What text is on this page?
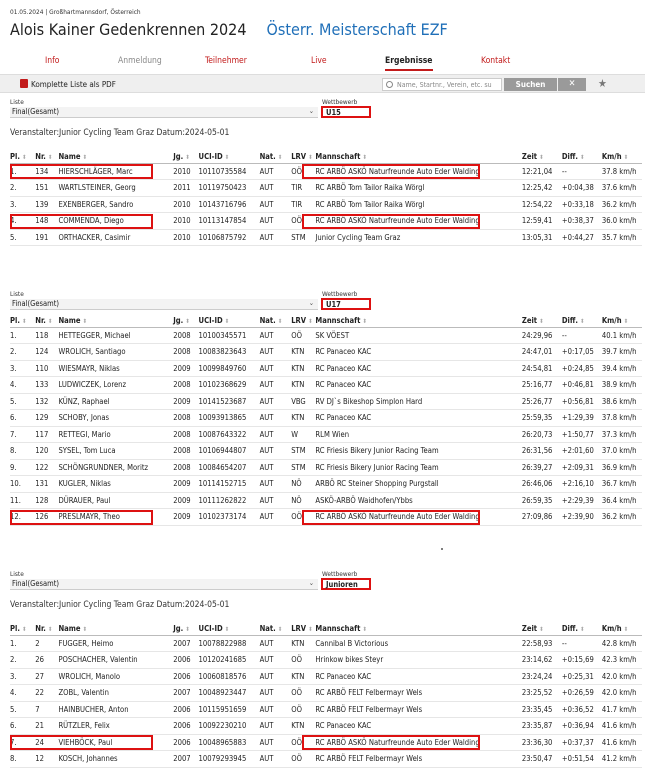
01.05.2024 | Großhartmannsdorf, Österreich
Alois Kainer Gedenkrennen 2024 Österr. Meisterschaft EZF
Info	Anmeldung	Teilnehmer	Live	Ergebnisse	Kontakt
Komplette Liste als PDF	Name, Startnr., Verein, etc. su	Suchen	✕	★
Liste	Wettbewerb
Final(Gesamt)	⌄	U15
Veranstalter:Junior Cycling Team Graz Datum:2024-05-01
Pl. ⬍	Nr. ⬍	Name ⬍	Jg. ⬍	UCI-ID ⬍	Nat. ⬍	LRV ⬍	Mannschaft ⬍	Zeit ⬍	Diff. ⬍	Km/h ⬍
1.	134	HIERSCHLÄGER, Marc	2010	10110735584	AUT	OÖ	RC ARBÖ ASKÖ Naturfreunde Auto Eder Walding	12:21,04	--	37.8 km/h
2.	151	WARTLSTEINER, Georg	2011	10119750423	AUT	TIR	RC ARBÖ Tom Tailor Raika Wörgl	12:25,42	+0:04,38	37.6 km/h
3.	139	EXENBERGER, Sandro	2010	10143716796	AUT	TIR	RC ARBÖ Tom Tailor Raika Wörgl	12:54,22	+0:33,18	36.2 km/h
4.	148	COMMENDA, Diego	2010	10113147854	AUT	OÖ	RC ARBÖ ASKÖ Naturfreunde Auto Eder Walding	12:59,41	+0:38,37	36.0 km/h
5.	191	ORTHACKER, Casimir	2010	10106875792	AUT	STM	Junior Cycling Team Graz	13:05,31	+0:44,27	35.7 km/h
Liste	Wettbewerb
Final(Gesamt)	⌄	U17
Pl. ⬍	Nr. ⬍	Name ⬍	Jg. ⬍	UCI-ID ⬍	Nat. ⬍	LRV ⬍	Mannschaft ⬍	Zeit ⬍	Diff. ⬍	Km/h ⬍
1.	118	HETTEGGER, Michael	2008	10100345571	AUT	OÖ	SK VÖEST	24:29,96	--	40.1 km/h
2.	124	WROLICH, Santiago	2008	10083823643	AUT	KTN	RC Panaceo KAC	24:47,01	+0:17,05	39.7 km/h
3.	110	WIESMAYR, Niklas	2009	10099849760	AUT	KTN	RC Panaceo KAC	24:54,81	+0:24,85	39.4 km/h
4.	133	LUDWICZEK, Lorenz	2008	10102368629	AUT	KTN	RC Panaceo KAC	25:16,77	+0:46,81	38.9 km/h
5.	132	KÜNZ, Raphael	2009	10141523687	AUT	VBG	RV DJ`s Bikeshop Simplon Hard	25:26,77	+0:56,81	38.6 km/h
6.	129	SCHOBY, Jonas	2008	10093913865	AUT	KTN	RC Panaceo KAC	25:59,35	+1:29,39	37.8 km/h
7.	117	RETTEGI, Mario	2008	10087643322	AUT	W	RLM Wien	26:20,73	+1:50,77	37.3 km/h
8.	120	SYSEL, Tom Luca	2008	10106944807	AUT	STM	RC Friesis Bikery Junior Racing Team	26:31,56	+2:01,60	37.0 km/h
9.	122	SCHÖNGRUNDNER, Moritz	2008	10084654207	AUT	STM	RC Friesis Bikery Junior Racing Team	26:39,27	+2:09,31	36.9 km/h
10.	131	KUGLER, Niklas	2009	10114152715	AUT	NÖ	ARBÖ RC Steiner Shopping Purgstall	26:46,06	+2:16,10	36.7 km/h
11.	128	DÜRAUER, Paul	2009	10111262822	AUT	NÖ	ASKÖ-ARBÖ Waidhofen/Ybbs	26:59,35	+2:29,39	36.4 km/h
12.	126	PRESLMAYR, Theo	2009	10102373174	AUT	OÖ	RC ARBÖ ASKÖ Naturfreunde Auto Eder Walding	27:09,86	+2:39,90	36.2 km/h
Liste	Wettbewerb
Final(Gesamt)	⌄	Junioren
Veranstalter:Junior Cycling Team Graz Datum:2024-05-01
Pl. ⬍	Nr. ⬍	Name ⬍	Jg. ⬍	UCI-ID ⬍	Nat. ⬍	LRV ⬍	Mannschaft ⬍	Zeit ⬍	Diff. ⬍	Km/h ⬍
1.	2	FUGGER, Heimo	2007	10078822988	AUT	KTN	Cannibal B Victorious	22:58,93	--	42.8 km/h
2.	26	POSCHACHER, Valentin	2006	10120241685	AUT	OÖ	Hrinkow bikes Steyr	23:14,62	+0:15,69	42.3 km/h
3.	27	WROLICH, Manolo	2006	10060818576	AUT	KTN	RC Panaceo KAC	23:24,24	+0:25,31	42.0 km/h
4.	22	ZOBL, Valentin	2007	10048923447	AUT	OÖ	RC ARBÖ FELT Felbermayr Wels	23:25,52	+0:26,59	42.0 km/h
5.	7	HAINBUCHER, Anton	2006	10115951659	AUT	OÖ	RC ARBÖ FELT Felbermayr Wels	23:35,45	+0:36,52	41.7 km/h
6.	21	RÜTZLER, Felix	2006	10092230210	AUT	KTN	RC Panaceo KAC	23:35,87	+0:36,94	41.6 km/h
7.	24	VIEHBÖCK, Paul	2006	10048965883	AUT	OÖ	RC ARBÖ ASKÖ Naturfreunde Auto Eder Walding	23:36,30	+0:37,37	41.6 km/h
8.	12	KOSCH, Johannes	2007	10079293945	AUT	OÖ	RC ARBÖ FELT Felbermayr Wels	23:50,47	+0:51,54	41.2 km/h
